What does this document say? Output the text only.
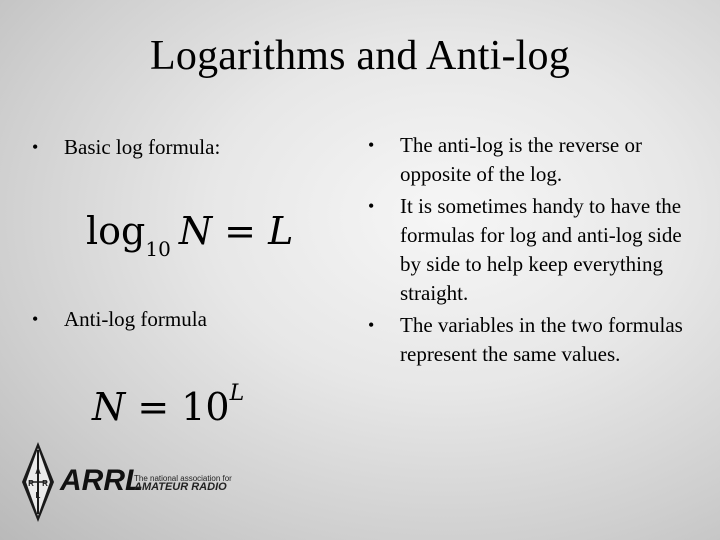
Logarithms and Anti-log
• Basic log formula:
• Anti-log formula
$\log_{10} N = L$
$N = 10^L$
• The anti-log is the reverse or opposite of the log.
• It is sometimes handy to have the formulas for log and anti-log side by side to help keep everything straight.
• The variables in the two formulas represent the same values.
A
R R
L ARRL
The national association for
AMATEUR RADIO
